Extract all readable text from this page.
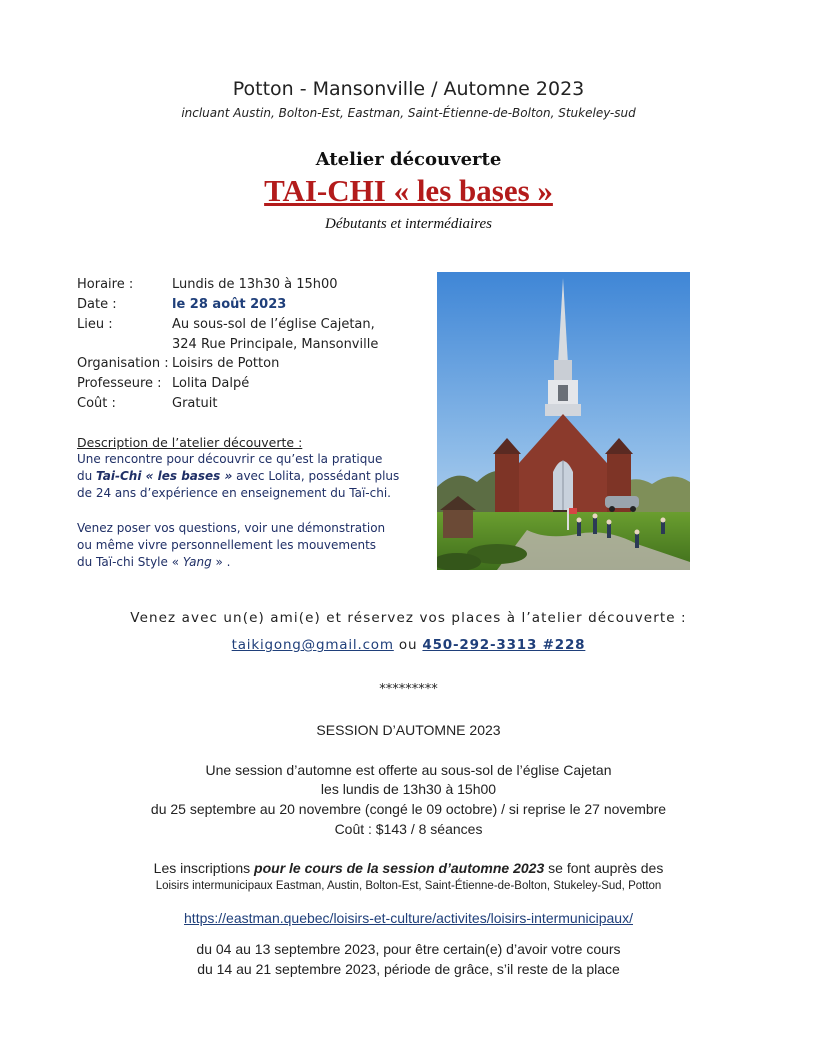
Potton - Mansonville / Automne 2023
incluant Austin, Bolton-Est, Eastman, Saint-Étienne-de-Bolton, Stukeley-sud
Atelier découverte
TAI-CHI « les bases »
Débutants et intermédiaires
Horaire :	Lundis de 13h30 à 15h00
Date :	le 28 août 2023
Lieu :	Au sous-sol de l’église Cajetan,
324 Rue Principale, Mansonville
Organisation : Loisirs de Potton
Professeure : Lolita Dalpé
Coût :	Gratuit
Description de l’atelier découverte :
Une rencontre pour découvrir ce qu’est la pratique
du Tai-Chi « les bases » avec Lolita, possédant plus
de 24 ans d’expérience en enseignement du Taï-chi.
Venez poser vos questions, voir une démonstration
ou même vivre personnellement les mouvements
du Taï-chi Style « Yang » .
Venez avec un(e) ami(e) et réservez vos places à l’atelier découverte :
taikigong@gmail.com ou 450-292-3313 #228
*********
SESSION D’AUTOMNE 2023
Une session d’automne est offerte au sous-sol de l’église Cajetan
les lundis de 13h30 à 15h00
du 25 septembre au 20 novembre (congé le 09 octobre) / si reprise le 27 novembre
Coût : $143 / 8 séances
Les inscriptions pour le cours de la session d’automne 2023 se font auprès des
Loisirs intermunicipaux Eastman, Austin, Bolton-Est, Saint-Étienne-de-Bolton, Stukeley-Sud, Potton
https://eastman.quebec/loisirs-et-culture/activites/loisirs-intermunicipaux/
du 04 au 13 septembre 2023, pour être certain(e) d’avoir votre cours
du 14 au 21 septembre 2023, période de grâce, s’il reste de la place
